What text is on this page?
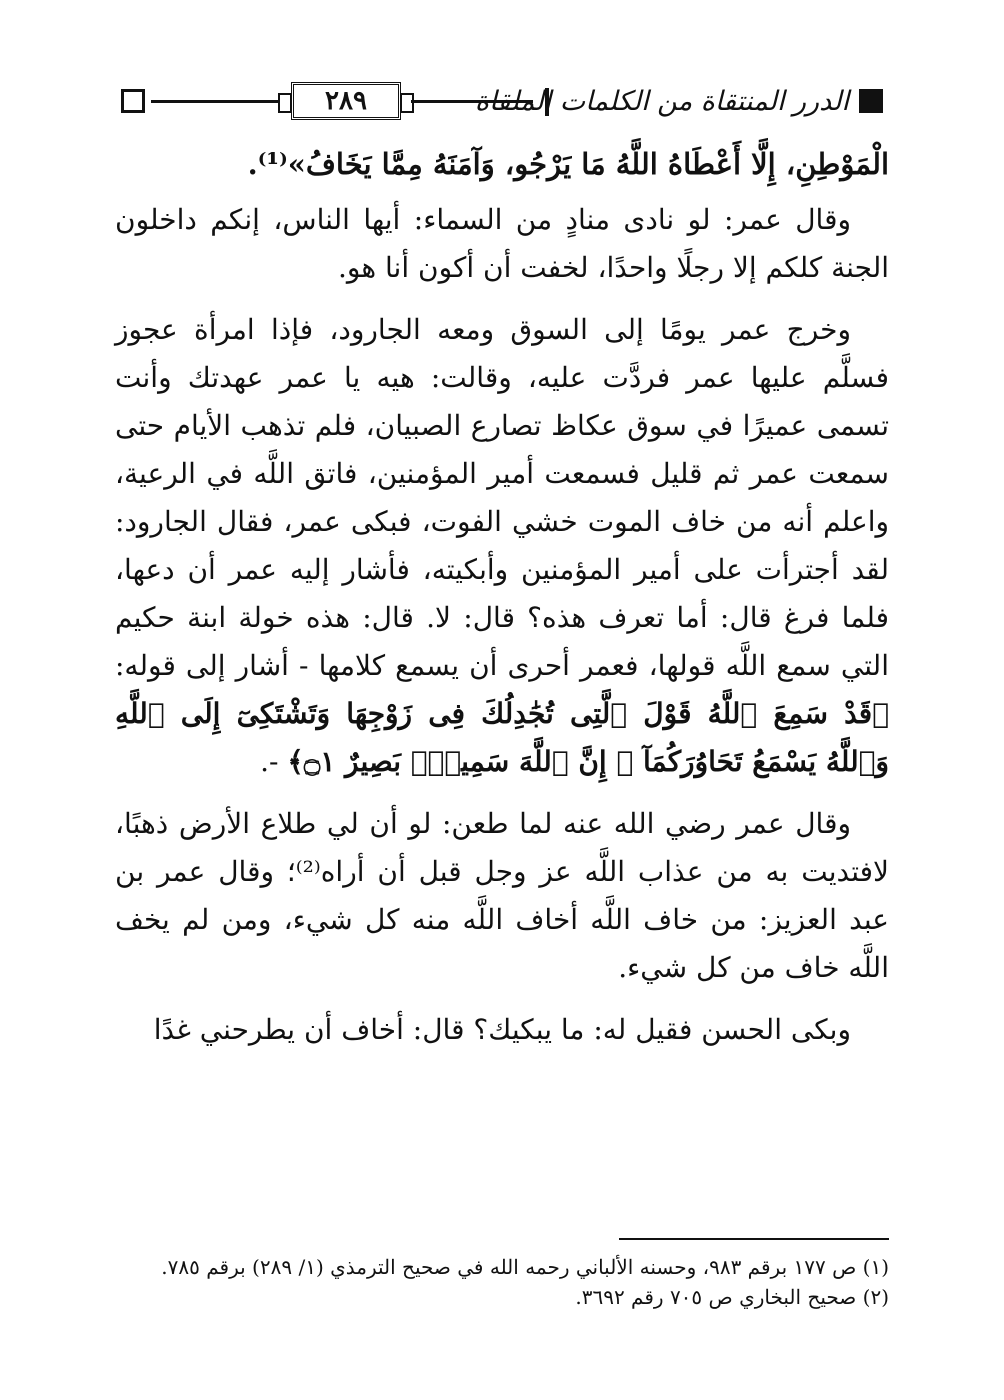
٢٨٩	الدرر المنتقاة من الكلمات الملقاة

الْمَوْطِنِ، إِلَّا أَعْطَاهُ اللَّهُ مَا يَرْجُو، وَآمَنَهُ مِمَّا يَخَافُ»⁽¹⁾.

وقال عمر: لو نادى منادٍ من السماء: أيها الناس، إنكم داخلون الجنة كلكم إلا رجلًا واحدًا، لخفت أن أكون أنا هو.

وخرج عمر يومًا إلى السوق ومعه الجارود، فإذا امرأة عجوز فسلَّم عليها عمر فردَّت عليه، وقالت: هيه يا عمر عهدتك وأنت تسمى عميرًا في سوق عكاظ تصارع الصبيان، فلم تذهب الأيام حتى سمعت عمر ثم قليل فسمعت أمير المؤمنين، فاتق اللَّه في الرعية، واعلم أنه من خاف الموت خشي الفوت، فبكى عمر، فقال الجارود: لقد أجترأت على أمير المؤمنين وأبكيته، فأشار إليه عمر أن دعها، فلما فرغ قال: أما تعرف هذه؟ قال: لا. قال: هذه خولة ابنة حكيم التي سمع اللَّه قولها، فعمر أحرى أن يسمع كلامها - أشار إلى قوله: ﴿قَدْ سَمِعَ ٱللَّهُ قَوْلَ ٱلَّتِى تُجَٰدِلُكَ فِى زَوْجِهَا وَتَشْتَكِىٓ إِلَى ٱللَّهِ وَٱللَّهُ يَسْمَعُ تَحَاوُرَكُمَآ ۚ إِنَّ ٱللَّهَ سَمِيعٌۢ بَصِيرٌ ۝١﴾ -.

وقال عمر رضي الله عنه لما طعن: لو أن لي طلاع الأرض ذهبًا، لافتديت به من عذاب اللَّه عز وجل قبل أن أراه⁽²⁾؛ وقال عمر بن عبد العزيز: من خاف اللَّه أخاف اللَّه منه كل شيء، ومن لم يخف اللَّه خاف من كل شيء.

وبكى الحسن فقيل له: ما يبكيك؟ قال: أخاف أن يطرحني غدًا

(١) ص ١٧٧ برقم ٩٨٣، وحسنه الألباني رحمه الله في صحيح الترمذي (١/ ٢٨٩) برقم ٧٨٥.

(٢) صحيح البخاري ص ٧٠٥ رقم ٣٦٩٢.
